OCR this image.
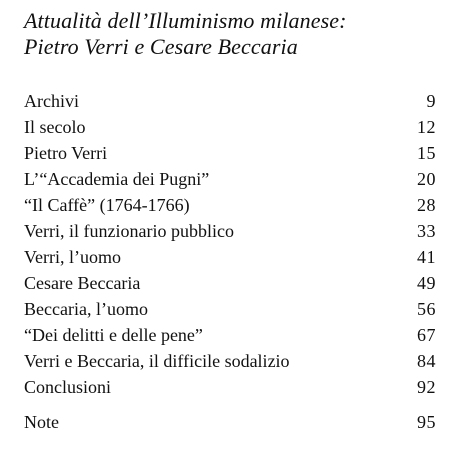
Attualità dell’Illuminismo milanese:
Pietro Verri e Cesare Beccaria
Archivi	9
Il secolo	12
Pietro Verri	15
L’“Accademia dei Pugni”	20
“Il Caffè” (1764-1766)	28
Verri, il funzionario pubblico	33
Verri, l’uomo	41
Cesare Beccaria	49
Beccaria, l’uomo	56
“Dei delitti e delle pene”	67
Verri e Beccaria, il difficile sodalizio	84
Conclusioni	92
Note	95
